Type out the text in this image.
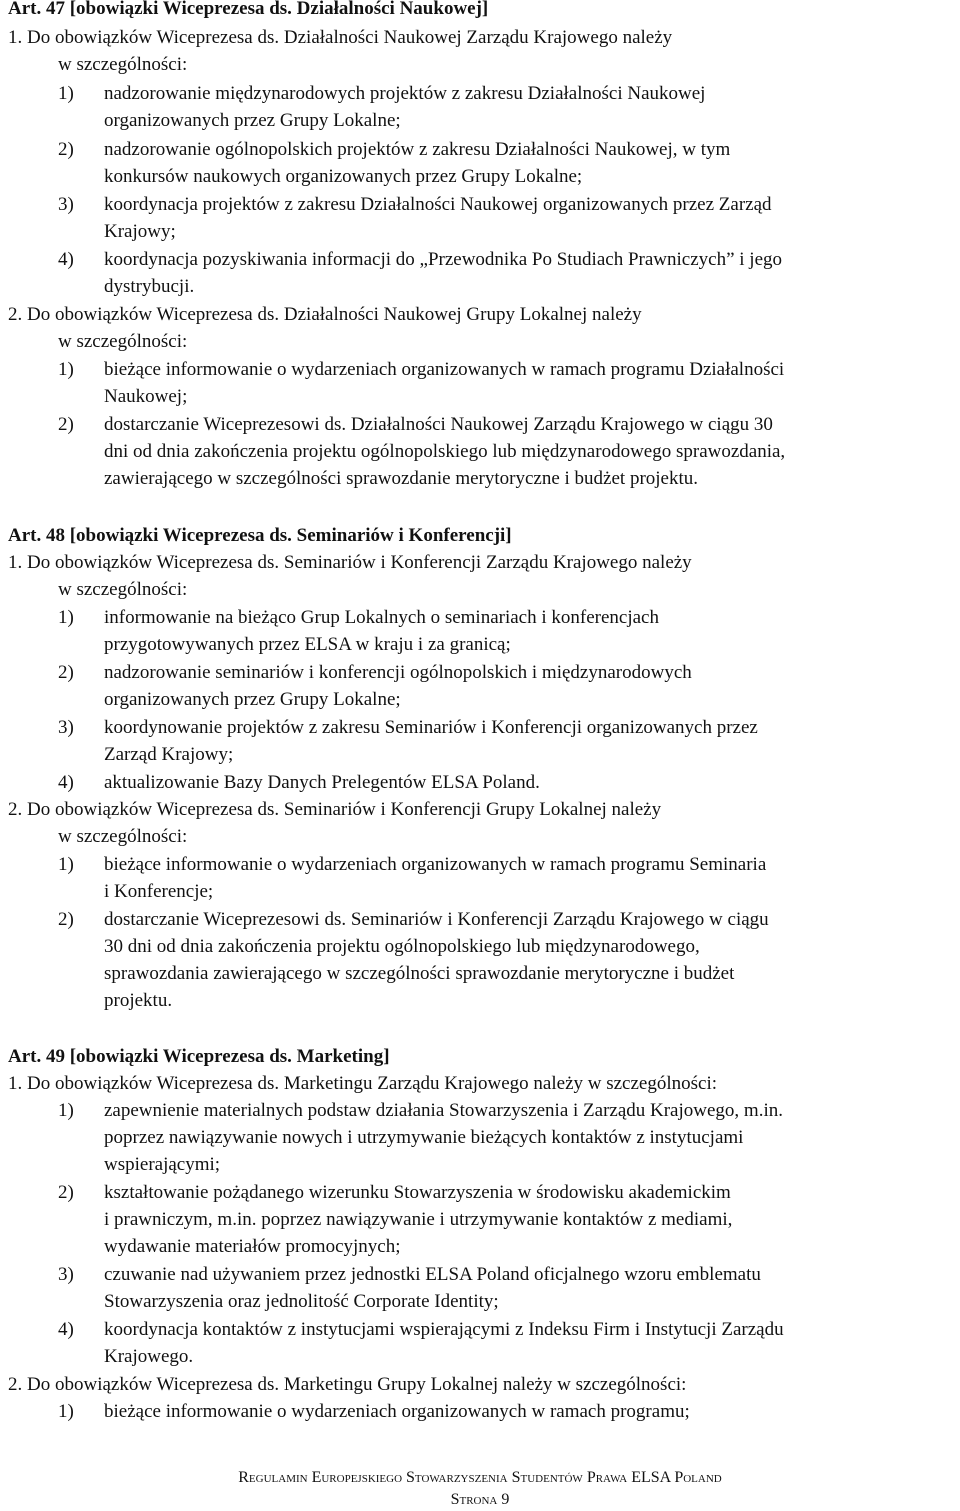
Art. 47 [obowiązki Wiceprezesa ds. Działalności Naukowej]
1. Do obowiązków Wiceprezesa ds. Działalności Naukowej Zarządu Krajowego należy
w szczególności:
1) nadzorowanie międzynarodowych projektów z zakresu Działalności Naukowej
organizowanych przez Grupy Lokalne;
2) nadzorowanie ogólnopolskich projektów z zakresu Działalności Naukowej, w tym
konkursów naukowych organizowanych przez Grupy Lokalne;
3) koordynacja projektów z zakresu Działalności Naukowej organizowanych przez Zarząd
Krajowy;
4) koordynacja pozyskiwania informacji do „Przewodnika Po Studiach Prawniczych” i jego
dystrybucji.
2. Do obowiązków Wiceprezesa ds. Działalności Naukowej Grupy Lokalnej należy
w szczególności:
1) bieżące informowanie o wydarzeniach organizowanych w ramach programu Działalności
Naukowej;
2) dostarczanie Wiceprezesowi ds. Działalności Naukowej Zarządu Krajowego w ciągu 30
dni od dnia zakończenia projektu ogólnopolskiego lub międzynarodowego sprawozdania,
zawierającego w szczególności sprawozdanie merytoryczne i budżet projektu.
Art. 48 [obowiązki Wiceprezesa ds. Seminariów i Konferencji]
1. Do obowiązków Wiceprezesa ds. Seminariów i Konferencji Zarządu Krajowego należy
w szczególności:
1) informowanie na bieżąco Grup Lokalnych o seminariach i konferencjach
przygotowywanych przez ELSA w kraju i za granicą;
2) nadzorowanie seminariów i konferencji ogólnopolskich i międzynarodowych
organizowanych przez Grupy Lokalne;
3) koordynowanie projektów z zakresu Seminariów i Konferencji organizowanych przez
Zarząd Krajowy;
4) aktualizowanie Bazy Danych Prelegentów ELSA Poland.
2. Do obowiązków Wiceprezesa ds. Seminariów i Konferencji Grupy Lokalnej należy
w szczególności:
1) bieżące informowanie o wydarzeniach organizowanych w ramach programu Seminaria
i Konferencje;
2) dostarczanie Wiceprezesowi ds. Seminariów i Konferencji Zarządu Krajowego w ciągu
30 dni od dnia zakończenia projektu ogólnopolskiego lub międzynarodowego,
sprawozdania zawierającego w szczególności sprawozdanie merytoryczne i budżet
projektu.
Art. 49 [obowiązki Wiceprezesa ds. Marketing]
1. Do obowiązków Wiceprezesa ds. Marketingu Zarządu Krajowego należy w szczególności:
1) zapewnienie materialnych podstaw działania Stowarzyszenia i Zarządu Krajowego, m.in.
poprzez nawiązywanie nowych i utrzymywanie bieżących kontaktów z instytucjami
wspierającymi;
2) kształtowanie pożądanego wizerunku Stowarzyszenia w środowisku akademickim
i prawniczym, m.in. poprzez nawiązywanie i utrzymywanie kontaktów z mediami,
wydawanie materiałów promocyjnych;
3) czuwanie nad używaniem przez jednostki ELSA Poland oficjalnego wzoru emblematu
Stowarzyszenia oraz jednolitość Corporate Identity;
4) koordynacja kontaktów z instytucjami wspierającymi z Indeksu Firm i Instytucji Zarządu
Krajowego.
2. Do obowiązków Wiceprezesa ds. Marketingu Grupy Lokalnej należy w szczególności:
1) bieżące informowanie o wydarzeniach organizowanych w ramach programu;
Regulamin Europejskiego Stowarzyszenia Studentów Prawa ELSA Poland
Strona 9
